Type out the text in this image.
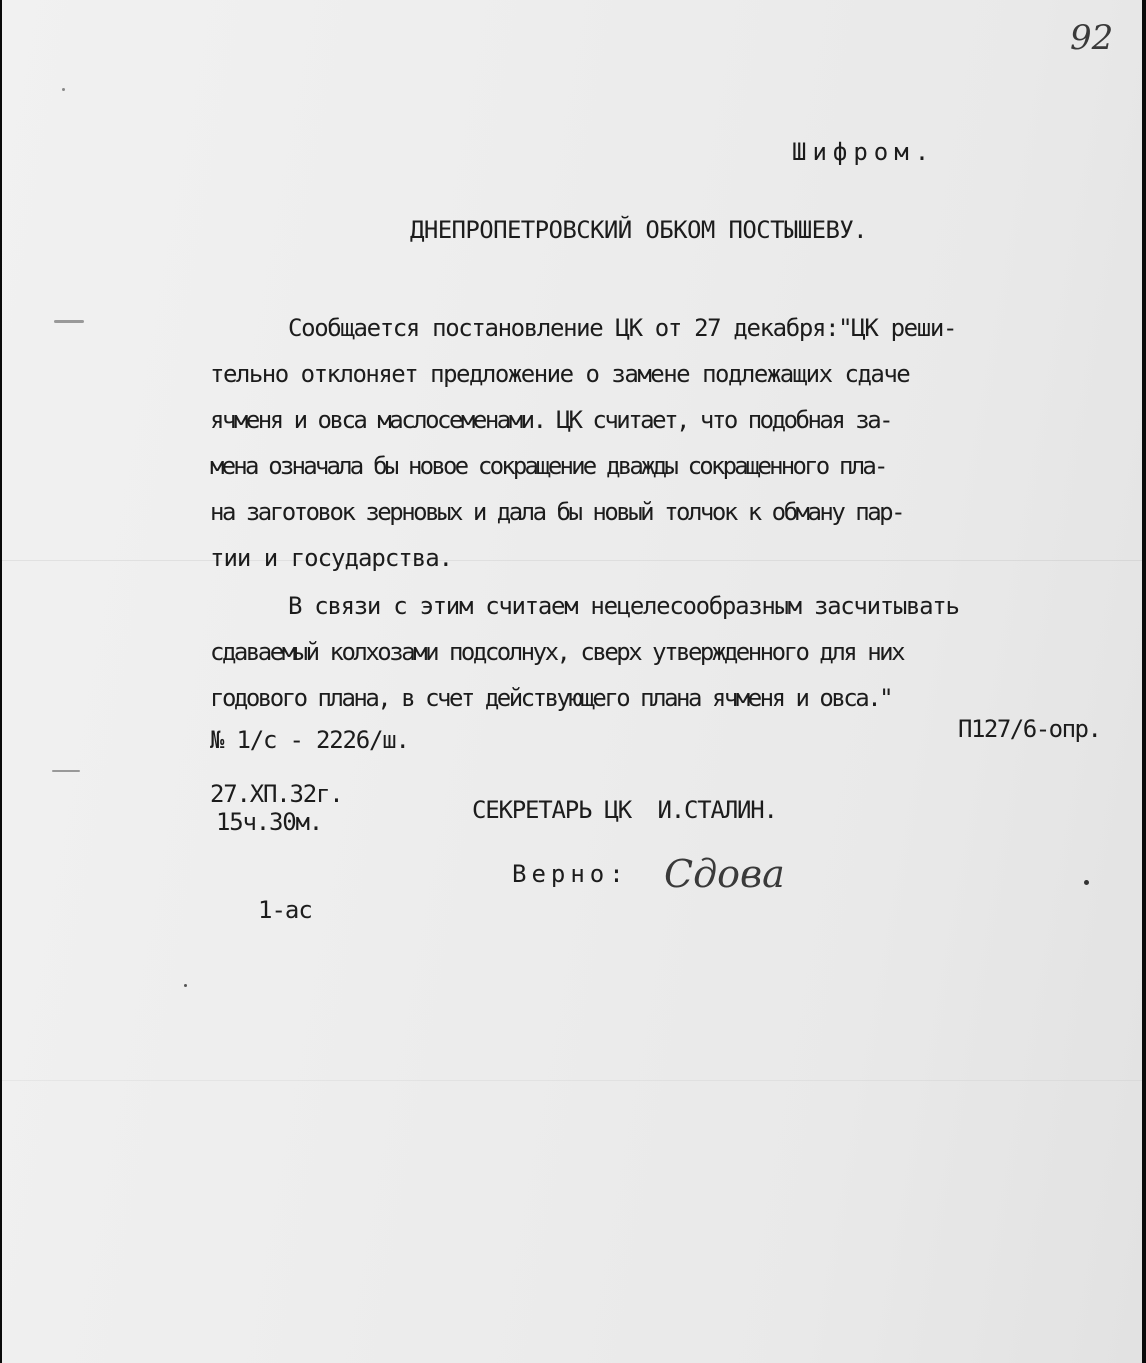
92
Шифром.
ДНЕПРОПЕТРОВСКИЙ ОБКОМ ПОСТЫШЕВУ.
Сообщается постановление ЦК от 27 декабря:"ЦК реши-
тельно отклоняет предложение о замене подлежащих сдаче
ячменя и овса маслосеменами. ЦК считает, что подобная за-
мена означала бы новое сокращение дважды сокращенного пла-
на заготовок зерновых и дала бы новый толчок к обману пар-
тии и государства.
В связи с этим считаем нецелесообразным засчитывать
сдаваемый колхозами подсолнух, сверх утвержденного для них
годового плана, в счет действующего плана ячменя и овса."
П127/6-опр.
№ 1/с - 2226/ш.
27.XП.32г.
15ч.30м.	СЕКРЕТАРЬ ЦК  И.СТАЛИН.
Верно: Сдова
1-ас
